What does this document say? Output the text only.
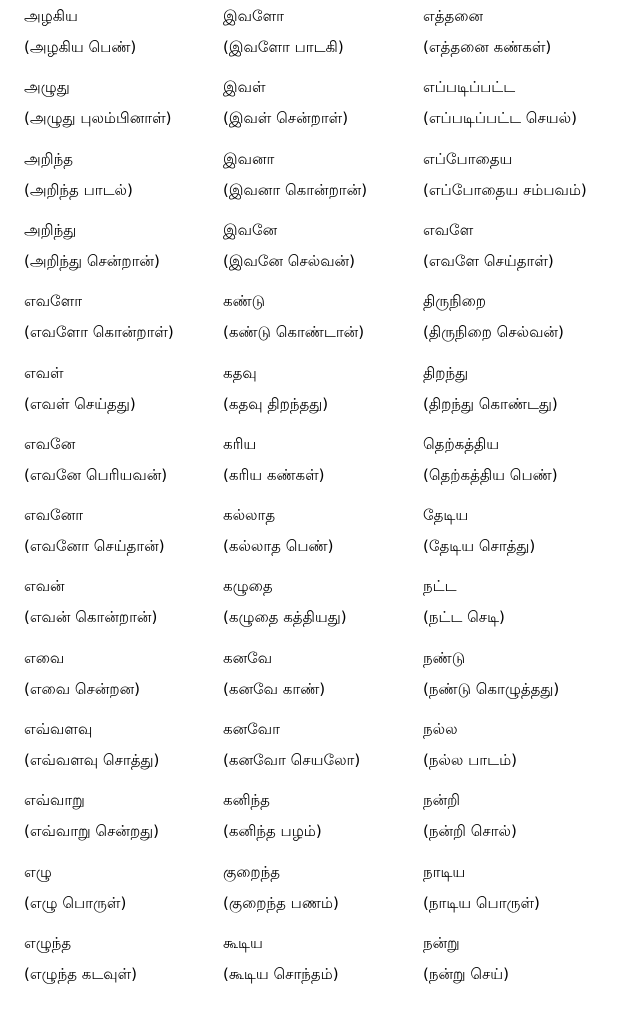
அழகிய
(அழகிய பெண்)
அழுது
(அழுது புலம்பினாள்)
அறிந்த
(அறிந்த பாடல்)
அறிந்து
(அறிந்து சென்றான்)
எவளோ
(எவளோ கொன்றாள்)
எவள்
(எவள் செய்தது)
எவனே
(எவனே பெரியவன்)
எவனோ
(எவனோ செய்தான்)
எவன்
(எவன் கொன்றான்)
எவை
(எவை சென்றன)
எவ்வளவு
(எவ்வளவு சொத்து)
எவ்வாறு
(எவ்வாறு சென்றது)
எழு
(எழு பொருள்)
எழுந்த
(எழுந்த கடவுள்)
இவளோ
(இவளோ பாடகி)
இவள்
(இவள் சென்றாள்)
இவனா
(இவனா கொன்றான்)
இவனே
(இவனே செல்வன்)
கண்டு
(கண்டு கொண்டான்)
கதவு
(கதவு திறந்தது)
கரிய
(கரிய கண்கள்)
கல்லாத
(கல்லாத பெண்)
கழுதை
(கழுதை கத்தியது)
கனவே
(கனவே காண்)
கனவோ
(கனவோ செயலோ)
கனிந்த
(கனிந்த பழம்)
குறைந்த
(குறைந்த பணம்)
கூடிய
(கூடிய சொந்தம்)
எத்தனை
(எத்தனை கண்கள்)
எப்படிப்பட்ட
(எப்படிப்பட்ட செயல்)
எப்போதைய
(எப்போதைய சம்பவம்)
எவளே
(எவளே செய்தாள்)
திருநிறை
(திருநிறை செல்வன்)
திறந்து
(திறந்து கொண்டது)
தெற்கத்திய
(தெற்கத்திய பெண்)
தேடிய
(தேடிய சொத்து)
நட்ட
(நட்ட செடி)
நண்டு
(நண்டு கொழுத்தது)
நல்ல
(நல்ல பாடம்)
நன்றி
(நன்றி சொல்)
நாடிய
(நாடிய பொருள்)
நன்று
(நன்று செய்)
